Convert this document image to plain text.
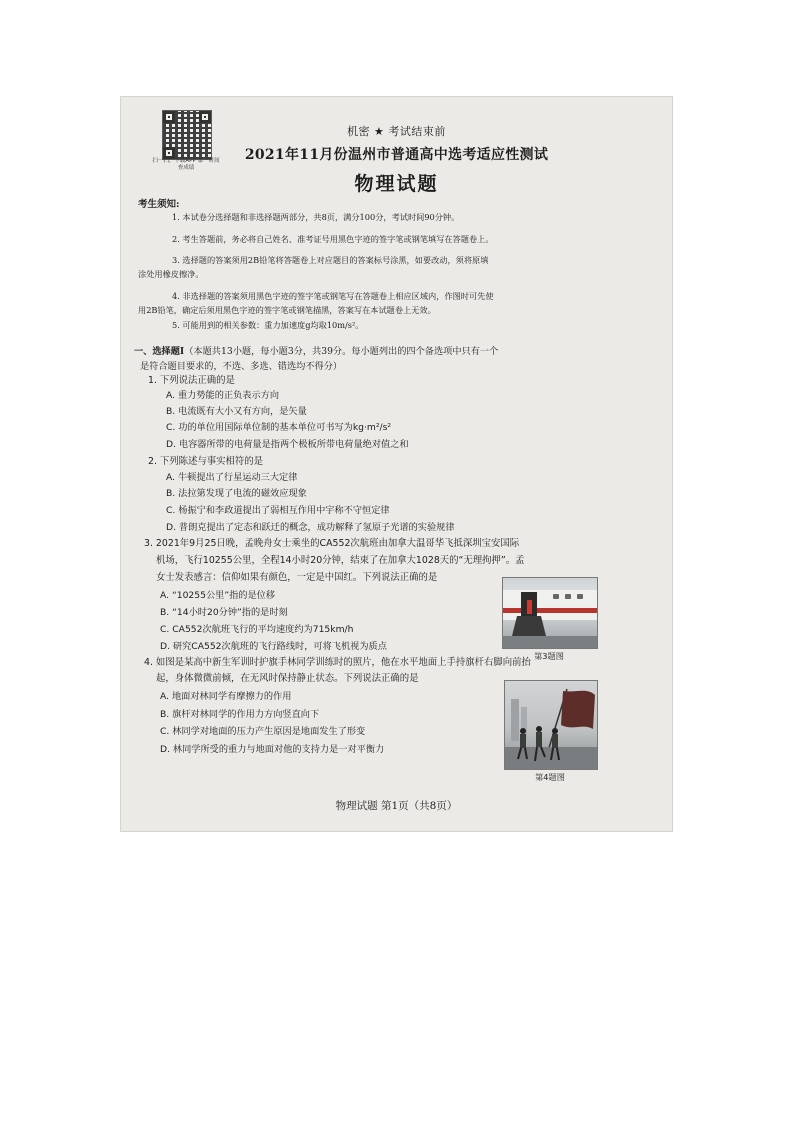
扫一扫，下载APP 第一时间查成绩
机密 ★ 考试结束前
2021年11月份温州市普通高中选考适应性测试
物理试题
考生须知:
1. 本试卷分选择题和非选择题两部分，共8页，满分100分，考试时间90分钟。
2. 考生答题前，务必将自己姓名、准考证号用黑色字迹的签字笔或钢笔填写在答题卷上。
3. 选择题的答案须用2B铅笔将答题卷上对应题目的答案标号涂黑，如要改动，须将原填
涂处用橡皮擦净。
4. 非选择题的答案须用黑色字迹的签字笔或钢笔写在答题卷上相应区域内，作图时可先使
用2B铅笔，确定后须用黑色字迹的签字笔或钢笔描黑，答案写在本试题卷上无效。
5. 可能用到的相关参数：重力加速度g均取10m/s²。
一、选择题Ⅰ（本题共13小题，每小题3分，共39分。每小题列出的四个备选项中只有一个
是符合题目要求的，不选、多选、错选均不得分）
1. 下列说法正确的是
A. 重力势能的正负表示方向
B. 电流既有大小又有方向，是矢量
C. 功的单位用国际单位制的基本单位可书写为kg·m²/s²
D. 电容器所带的电荷量是指两个极板所带电荷量绝对值之和
2. 下列陈述与事实相符的是
A. 牛顿提出了行星运动三大定律
B. 法拉第发现了电流的磁效应现象
C. 杨振宁和李政道提出了弱相互作用中宇称不守恒定律
D. 普朗克提出了定态和跃迁的概念，成功解释了氢原子光谱的实验规律
3. 2021年9月25日晚，孟晚舟女士乘坐的CA552次航班由加拿大温哥华飞抵深圳宝安国际
机场，飞行10255公里，全程14小时20分钟，结束了在加拿大1028天的“无理拘押”。孟
女士发表感言：信仰如果有颜色，一定是中国红。下列说法正确的是
A. “10255公里”指的是位移
B. “14小时20分钟”指的是时刻
C. CA552次航班飞行的平均速度约为715km/h
D. 研究CA552次航班的飞行路线时，可将飞机视为质点
第3题图
4. 如图是某高中新生军训时护旗手林同学训练时的照片，他在水平地面上手持旗杆右脚向前抬
起，身体微微前倾，在无风时保持静止状态。下列说法正确的是
A. 地面对林同学有摩擦力的作用
B. 旗杆对林同学的作用力方向竖直向下
C. 林同学对地面的压力产生原因是地面发生了形变
D. 林同学所受的重力与地面对他的支持力是一对平衡力
第4题图
物理试题 第1页（共8页）
